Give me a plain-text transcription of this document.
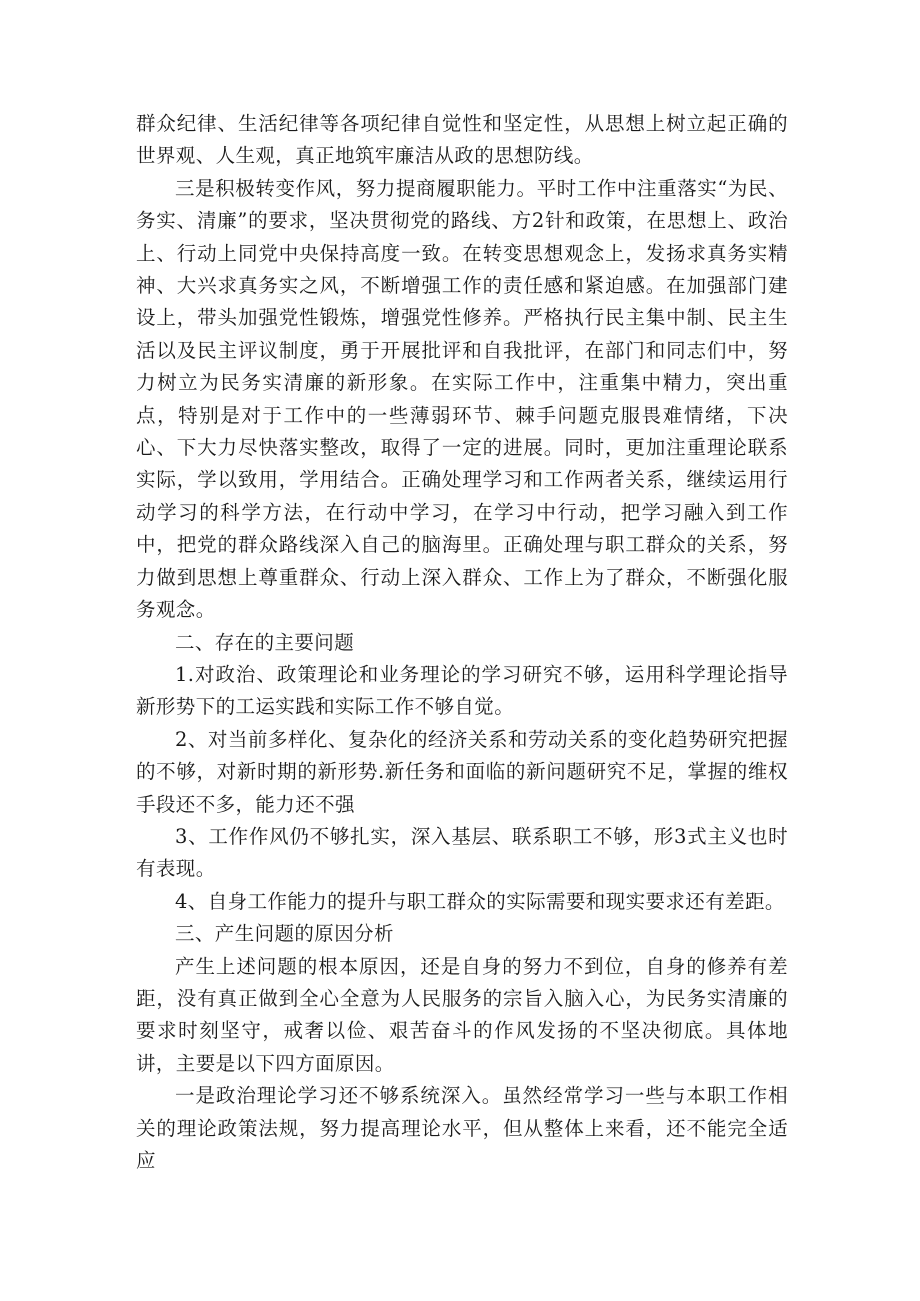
群众纪律、生活纪律等各项纪律自觉性和坚定性，从思想上树立起正确的世界观、人生观，真正地筑牢廉洁从政的思想防线。

三是积极转变作风，努力提商履职能力。平时工作中注重落实“为民、务实、清廉”的要求，坚决贯彻党的路线、方2针和政策，在思想上、政治上、行动上同党中央保持高度一致。在转变思想观念上，发扬求真务实精神、大兴求真务实之风，不断增强工作的责任感和紧迫感。在加强部门建设上，带头加强党性锻炼，增强党性修养。严格执行民主集中制、民主生活以及民主评议制度，勇于开展批评和自我批评，在部门和同志们中，努力树立为民务实清廉的新形象。在实际工作中，注重集中精力，突出重点，特别是对于工作中的一些薄弱环节、棘手问题克服畏难情绪，下决心、下大力尽快落实整改，取得了一定的进展。同时，更加注重理论联系实际，学以致用，学用结合。正确处理学习和工作两者关系，继续运用行动学习的科学方法，在行动中学习，在学习中行动，把学习融入到工作中，把党的群众路线深入自己的脑海里。正确处理与职工群众的关系，努力做到思想上尊重群众、行动上深入群众、工作上为了群众，不断强化服务观念。

二、存在的主要问题

1.对政治、政策理论和业务理论的学习研究不够，运用科学理论指导新形势下的工运实践和实际工作不够自觉。

2、对当前多样化、复杂化的经济关系和劳动关系的变化趋势研究把握的不够，对新时期的新形势.新任务和面临的新问题研究不足，掌握的维权手段还不多，能力还不强

3、工作作风仍不够扎实，深入基层、联系职工不够，形3式主义也时有表现。

4、自身工作能力的提升与职工群众的实际需要和现实要求还有差距。

三、产生问题的原因分析

产生上述问题的根本原因，还是自身的努力不到位，自身的修养有差距，没有真正做到全心全意为人民服务的宗旨入脑入心，为民务实清廉的要求时刻坚守，戒奢以俭、艰苦奋斗的作风发扬的不坚决彻底。具体地讲，主要是以下四方面原因。

一是政治理论学习还不够系统深入。虽然经常学习一些与本职工作相关的理论政策法规，努力提高理论水平，但从整体上来看，还不能完全适应
